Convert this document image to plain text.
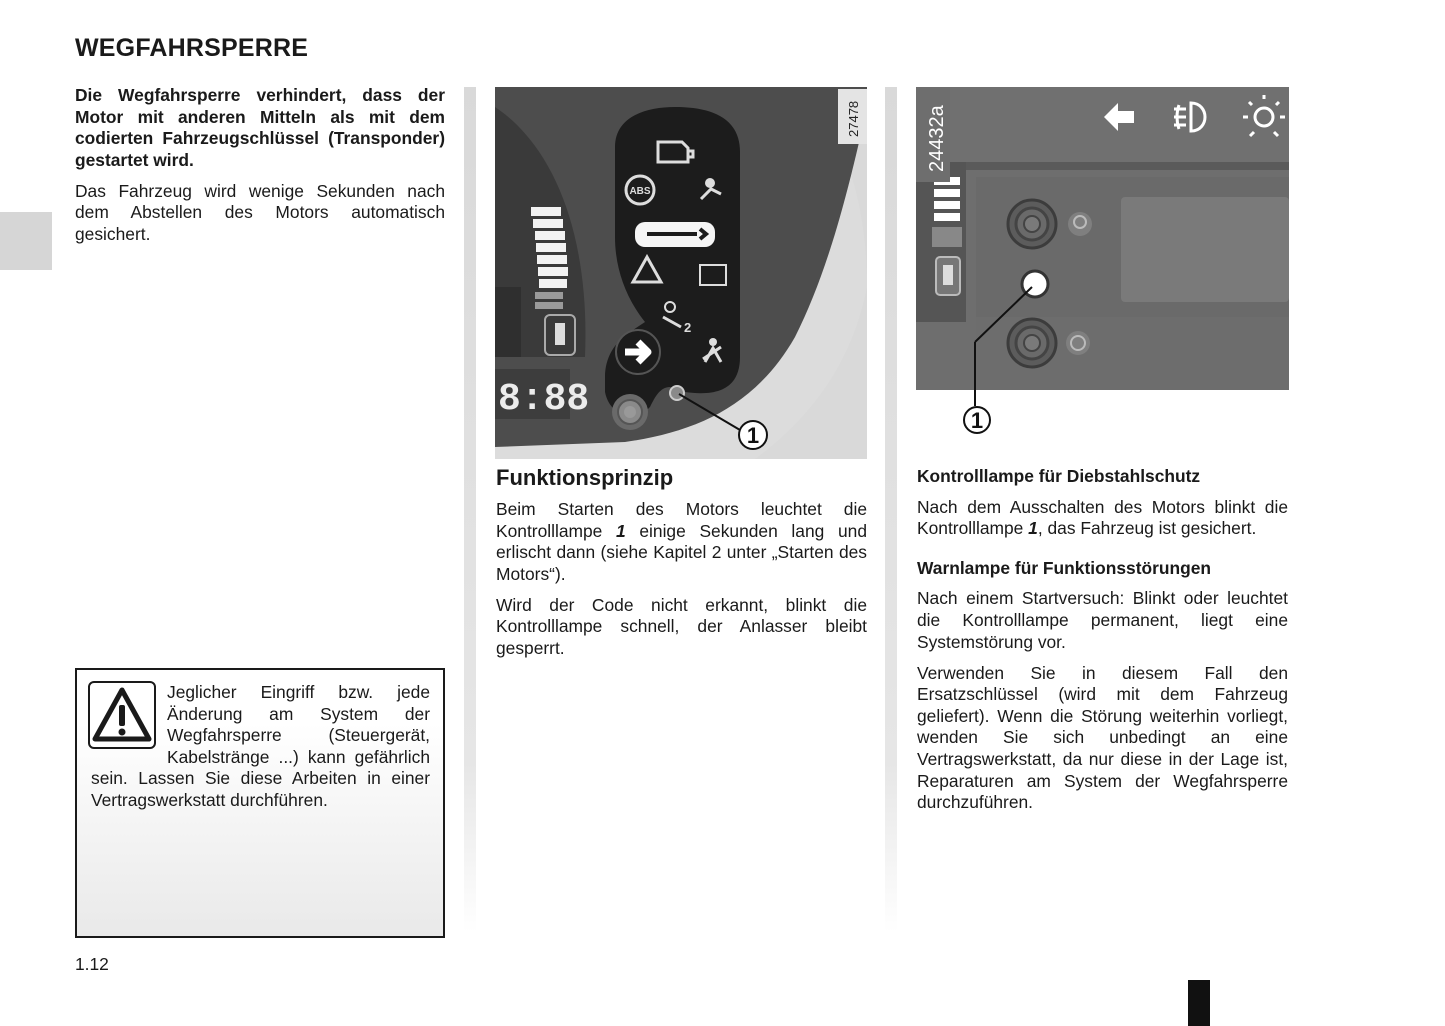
WEGFAHRSPERRE

Die Wegfahrsperre verhindert, dass der Motor mit anderen Mitteln als mit dem codierten Fahrzeugschlüssel (Transponder) gestartet wird.

Das Fahrzeug wird wenige Sekunden nach dem Abstellen des Motors automatisch gesichert.

Jeglicher Eingriff bzw. jede Änderung am System der Wegfahrsperre (Steuergerät, Kabelstränge ...) kann gefährlich sein. Lassen Sie diese Arbeiten in einer Vertragswerkstatt durchführen.
1.12
8:88
ABS
2
1
27478	24432a
1
Funktionsprinzip

Beim Starten des Motors leuchtet die Kontrolllampe 1 einige Sekunden lang und erlischt dann (siehe Kapitel 2 unter „Starten des Motors“).

Wird der Code nicht erkannt, blinkt die Kontrolllampe schnell, der Anlasser bleibt gesperrt.

Kontrolllampe für Diebstahlschutz

Nach dem Ausschalten des Motors blinkt die Kontrolllampe 1, das Fahrzeug ist gesichert.

Warnlampe für Funktionsstörungen

Nach einem Startversuch: Blinkt oder leuchtet die Kontrolllampe permanent, liegt eine Systemstörung vor.

Verwenden Sie in diesem Fall den Ersatzschlüssel (wird mit dem Fahrzeug geliefert). Wenn die Störung weiterhin vorliegt, wenden Sie sich unbedingt an eine Vertragswerkstatt, da nur diese in der Lage ist, Reparaturen am System der Wegfahrsperre durchzuführen.
